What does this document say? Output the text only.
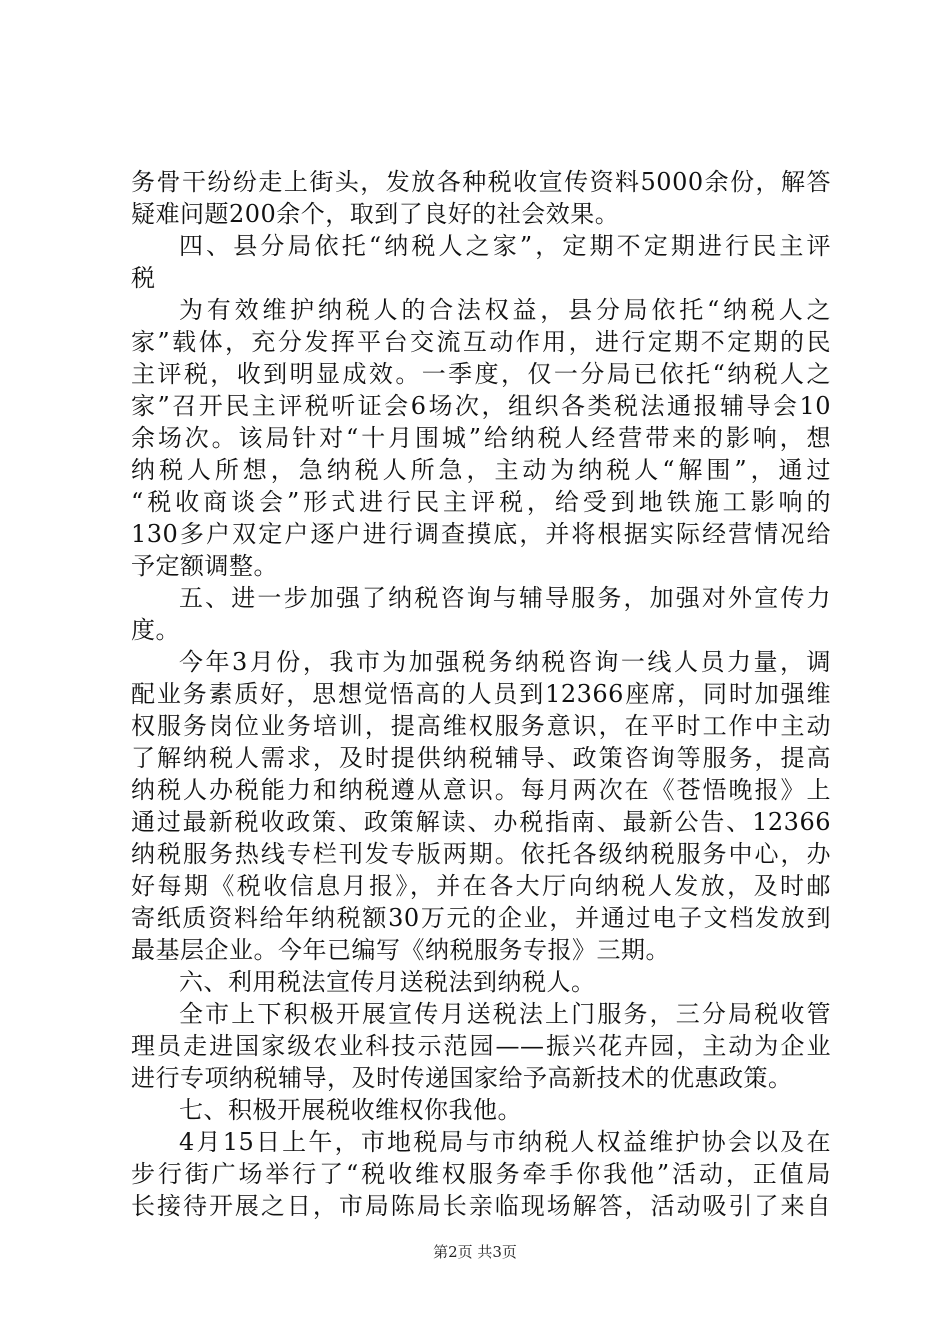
务骨干纷纷走上街头，发放各种税收宣传资料5000余份，解答
疑难问题200余个，取到了良好的社会效果。
四、县分局依托“纳税人之家”，定期不定期进行民主评
税
为有效维护纳税人的合法权益，县分局依托“纳税人之
家”载体，充分发挥平台交流互动作用，进行定期不定期的民
主评税，收到明显成效。一季度，仅一分局已依托“纳税人之
家”召开民主评税听证会6场次，组织各类税法通报辅导会10
余场次。该局针对“十月围城”给纳税人经营带来的影响，想
纳税人所想，急纳税人所急，主动为纳税人“解围”，通过
“税收商谈会”形式进行民主评税，给受到地铁施工影响的
130多户双定户逐户进行调查摸底，并将根据实际经营情况给
予定额调整。
五、进一步加强了纳税咨询与辅导服务，加强对外宣传力
度。
今年3月份，我市为加强税务纳税咨询一线人员力量，调
配业务素质好，思想觉悟高的人员到12366座席，同时加强维
权服务岗位业务培训，提高维权服务意识，在平时工作中主动
了解纳税人需求，及时提供纳税辅导、政策咨询等服务，提高
纳税人办税能力和纳税遵从意识。每月两次在《苍悟晚报》上
通过最新税收政策、政策解读、办税指南、最新公告、12366
纳税服务热线专栏刊发专版两期。依托各级纳税服务中心，办
好每期《税收信息月报》，并在各大厅向纳税人发放，及时邮
寄纸质资料给年纳税额30万元的企业，并通过电子文档发放到
最基层企业。今年已编写《纳税服务专报》三期。
六、利用税法宣传月送税法到纳税人。
全市上下积极开展宣传月送税法上门服务，三分局税收管
理员走进国家级农业科技示范园——振兴花卉园，主动为企业
进行专项纳税辅导，及时传递国家给予高新技术的优惠政策。
七、积极开展税收维权你我他。
4月15日上午，市地税局与市纳税人权益维护协会以及在
步行街广场举行了“税收维权服务牵手你我他”活动，正值局
长接待开展之日，市局陈局长亲临现场解答，活动吸引了来自
第2页 共3页
